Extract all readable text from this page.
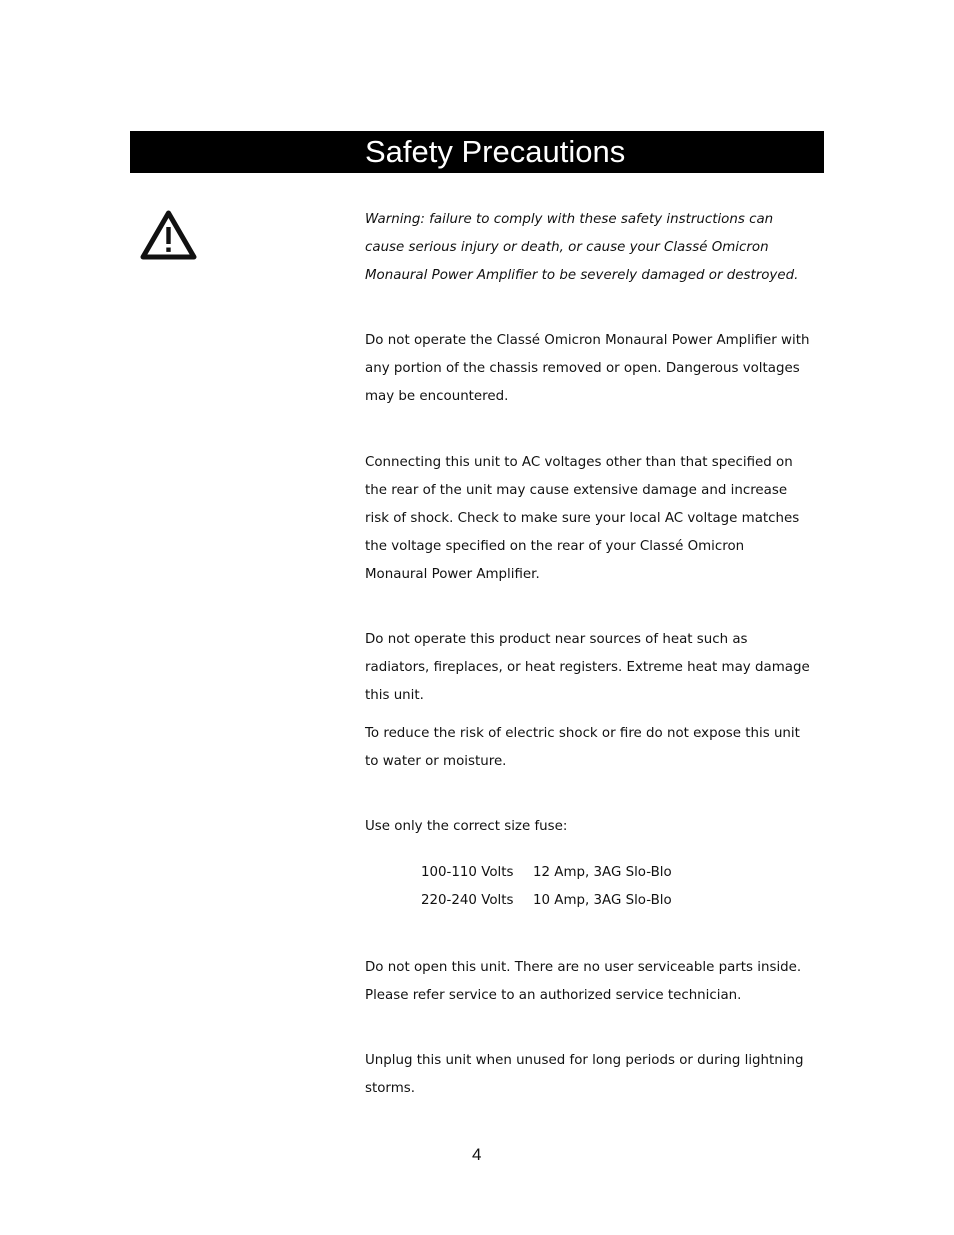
Safety Precautions

Warning: failure to comply with these safety instructions can cause serious injury or death, or cause your Classé Omicron Monaural Power Amplifier to be severely damaged or destroyed.

Do not operate the Classé Omicron Monaural Power Amplifier with any portion of the chassis removed or open. Dangerous voltages may be encountered.

Connecting this unit to AC voltages other than that specified on the rear of the unit may cause extensive damage and increase risk of shock. Check to make sure your local AC voltage matches the voltage specified on the rear of your Classé Omicron Monaural Power Amplifier.

Do not operate this product near sources of heat such as radiators, fireplaces, or heat registers. Extreme heat may damage this unit.

To reduce the risk of electric shock or fire do not expose this unit to water or moisture.

Use only the correct size fuse:

100-110 Volts 12 Amp, 3AG Slo-Blo
220-240 Volts 10 Amp, 3AG Slo-Blo

Do not open this unit. There are no user serviceable parts inside. Please refer service to an authorized service technician.

Unplug this unit when unused for long periods or during lightning storms.

4
